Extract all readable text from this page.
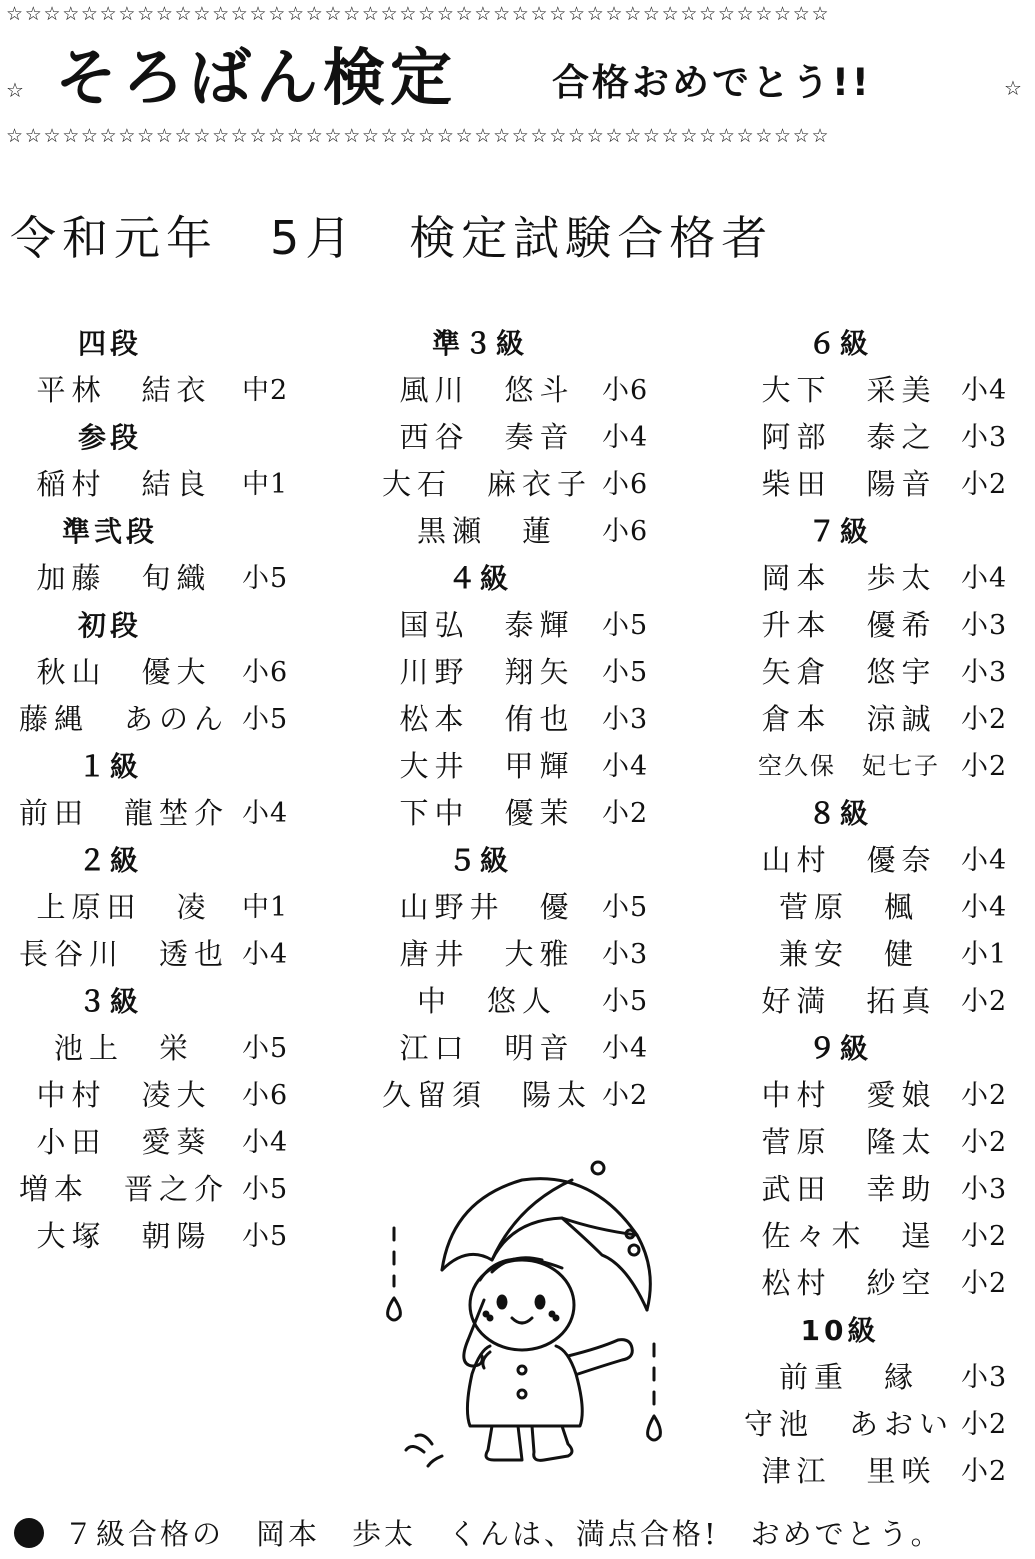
☆☆☆☆☆☆☆☆☆☆☆☆☆☆☆☆☆☆☆☆☆☆☆☆☆☆☆☆☆☆☆☆☆☆☆☆☆☆☆☆☆☆☆☆
☆ そろばん検定	合格おめでとう!!	☆
☆☆☆☆☆☆☆☆☆☆☆☆☆☆☆☆☆☆☆☆☆☆☆☆☆☆☆☆☆☆☆☆☆☆☆☆☆☆☆☆☆☆☆☆
令和元年　5月　検定試験合格者
四段
平林　結衣	中2
参段
稲村　結良	中1
準弐段
加藤　旬織	小5
初段
秋山　優大	小6
藤縄　あのん 小5
１級
前田　龍埜介 小4
２級
上原田　凌	中1
長谷川　透也 小4
３級
池上　栄	小5
中村　凌大	小6
小田　愛葵	小4
増本　晋之介 小5
大塚　朝陽	小5
準３級
風川　悠斗	小6
西谷　奏音	小4
大石　麻衣子 小6
黒瀬　蓮	小6
４級
国弘　泰輝	小5
川野　翔矢	小5
松本　侑也	小3
大井　甲輝	小4
下中　優茉	小2
５級
山野井　優	小5
唐井　大雅	小3
中　悠人	小5
江口　明音	小4
久留須　陽太 小2
６級
大下　采美 小4
阿部　泰之 小3
柴田　陽音 小2
７級
岡本　歩太 小4
升本　優希 小3
矢倉　悠宇 小3
倉本　涼誠 小2
空久保　妃七子 小2
８級
山村　優奈 小4
菅原　楓	小4
兼安　健	小1
好満　拓真 小2
９級
中村　愛娘 小2
菅原　隆太 小2
武田　幸助 小3
佐々木　逞 小2
松村　紗空 小2
10級
前重　縁	小3
守池　あおい 小2
津江　里咲 小2
７級合格の　岡本　歩太　くんは、満点合格!　おめでとう。
